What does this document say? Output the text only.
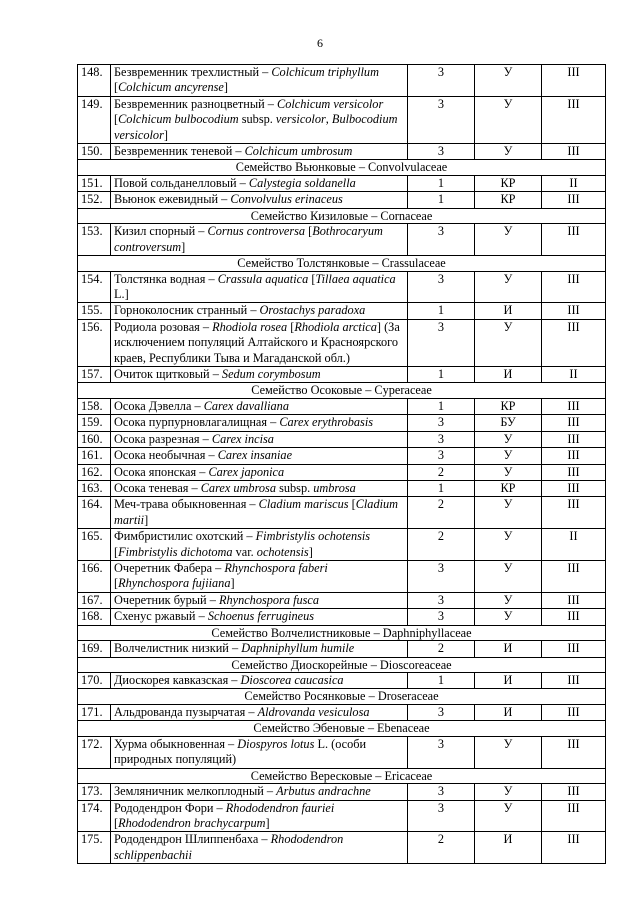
6
148.	Безвременник трехлистный – Colchicum triphyllum [Colchicum ancyrense]	3	У	III
149.	Безвременник разноцветный – Colchicum versicolor [Colchicum bulbocodium subsp. versicolor, Bulbocodium versicolor]	3	У	III
150.	Безвременник теневой – Colchicum umbrosum	3	У	III
Семейство Вьюнковые – Convolvulaceae				
151.	Повой сольданелловый – Calystegia soldanella	1	КР	II
152.	Вьюнок ежевидный – Convolvulus erinaceus	1	КР	III
Семейство Кизиловые – Cornaceae				
153.	Кизил спорный – Cornus controversa [Bothrocaryum controversum]	3	У	III
Семейство Толстянковые – Crassulaceae				
154.	Толстянка водная – Crassula aquatica [Tillaea aquatica L.]	3	У	III
155.	Горноколосник странный – Orostachys paradoxa	1	И	III
156.	Родиола розовая – Rhodiola rosea [Rhodiola arctica] (За исключением популяций Алтайского и Красноярского краев, Республики Тыва и Магаданской обл.)	3	У	III
157.	Очиток щитковый – Sedum corymbosum	1	И	II
Семейство Осоковые – Cyperaceae				
158.	Осока Дэвелла – Carex davalliana	1	КР	III
159.	Осока пурпурновлагалищная – Carex erythrobasis	3	БУ	III
160.	Осока разрезная – Carex incisa	3	У	III
161.	Осока необычная – Carex insaniae	3	У	III
162.	Осока японская – Carex japonica	2	У	III
163.	Осока теневая – Carex umbrosa subsp. umbrosa	1	КР	III
164.	Меч-трава обыкновенная – Cladium mariscus [Cladium martii]	2	У	III
165.	Фимбристилис охотский – Fimbristylis ochotensis [Fimbristylis dichotoma var. ochotensis]	2	У	II
166.	Очеретник Фабера – Rhynchospora faberi [Rhynchospora fujiiana]	3	У	III
167.	Очеретник бурый – Rhynchospora fusca	3	У	III
168.	Схенус ржавый – Schoenus ferrugineus	3	У	III
Семейство Волчелистниковые – Daphniphyllaceae				
169.	Волчелистник низкий – Daphniphyllum humile	2	И	III
Семейство Диоскорейные – Dioscoreaceae				
170.	Диоскорея кавказская – Dioscorea caucasica	1	И	III
Семейство Росянковые – Droseraceae				
171.	Альдрованда пузырчатая – Aldrovanda vesiculosa	3	И	III
Семейство Эбеновые – Ebenaceae				
172.	Хурма обыкновенная – Diospyros lotus L. (особи природных популяций)	3	У	III
Семейство Вересковые – Ericaceae				
173.	Земляничник мелкоплодный – Arbutus andrachne	3	У	III
174.	Рододендрон Фори – Rhododendron fauriei [Rhododendron brachycarpum]	3	У	III
175.	Рододендрон Шлиппенбаха – Rhododendron schlippenbachii	2	И	III
